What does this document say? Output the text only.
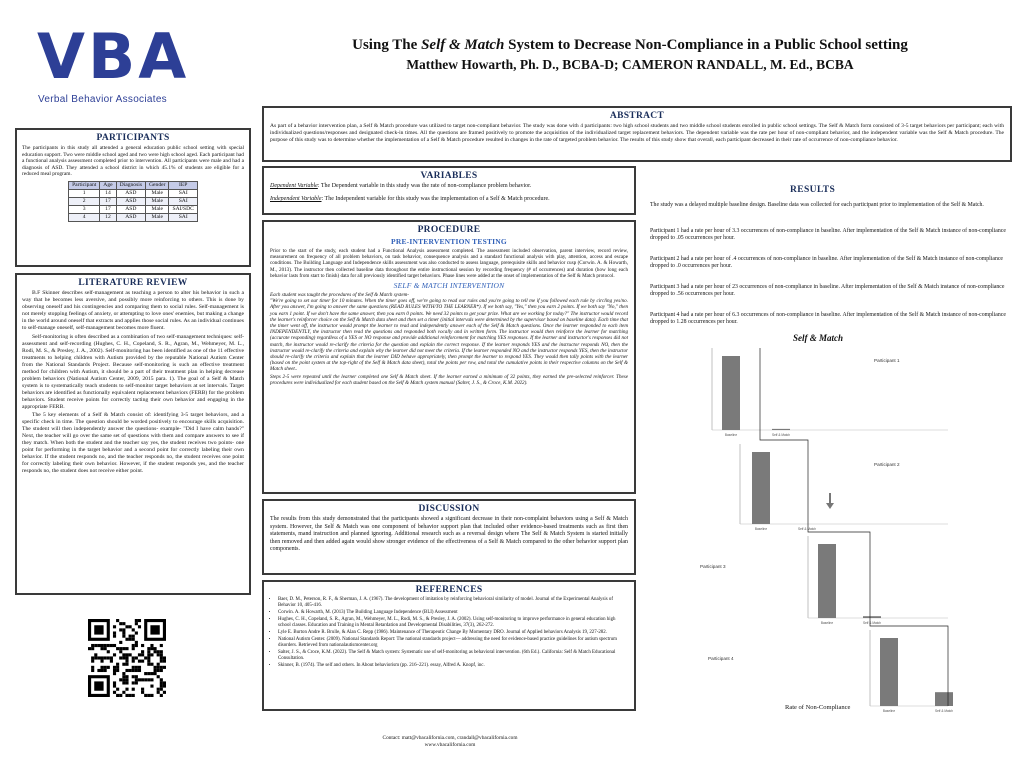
VBA
Verbal Behavior Associates
Using The Self & Match System to Decrease Non-Compliance in a Public School setting
Matthew Howarth, Ph. D., BCBA-D; CAMERON RANDALL, M. Ed., BCBA
PARTICIPANTS
The participants in this study all attended a general education public school setting with special education support. Two were middle school aged and two were high school aged. Each participant had a functional analysis assessment completed prior to intervention. All participants were male and had a diagnosis of ASD. They attended a school district in which 45.1% of students are eligible for a reduced meal program.
Participant	Age	Diagnosis	Gender	IEP
1	14	ASD	Male	SAI
2	17	ASD	Male	SAI
3	17	ASD	Male	SAI/SDC
4	12	ASD	Male	SAI
LITERATURE REVIEW

B.F Skinner describes self-management as teaching a person to alter his behavior in such a way that he becomes less aversive, and possibly more reinforcing to others. This is done by observing oneself and his contingencies and comparing them to social rules. Self-management is not merely stopping feelings of anxiety, or attempting to love ones' enemies, but making a change in the world around oneself that extracts and applies those social rules. As an individual continues to self-manage oneself, self-management becomes more fluent.

Self-monitoring is often described as a combination of two self-management techniques: self-assessment and self-recording (Hughes, C. H., Copeland, S. R., Agran, M., Wehmeyer, M. L., Rodi, M. S., & Presley, J. A., 2002). Self-monitoring has been identified as one of the 11 effective treatments to helping children with Autism provided by the reputable National Autism Center from the National Standards Project. Because self-monitoring is such an effective treatment method for children with Autism, it should be a part of their treatment plan in helping decrease problem behaviors (National Autism Center, 2009, 2015 para. 1). The goal of a Self & Match system is to systematically teach students to self-monitor target behaviors at set intervals. Target behaviors are identified as functionally equivalent replacement behaviors (FERB) for the problem behaviors. Student receive points for correctly tacting their own behavior and engaging in the appropriate FERB.

The 5 key elements of a Self & Match consist of: identifying 3-5 target behaviors, and a specific check in time. The question should be worded positively to encourage skills acquisition. The student will then independently answer the questions- example- "Did I have calm hands?" Next, the teacher will go over the same set of questions with them and compare answers to see if they match. When both the student and the teacher say yes, the student receives two points- one point for performing in the target behavior and a second point for correctly labeling their own behavior. If the student responds no, and the teacher responds no, the student receives one point for correctly labeling their own behavior. However, if the student responds yes, and the teacher responds no, the student does not receive either point.

ABSTRACT
As part of a behavior intervention plan, a Self & Match procedure was utilized to target non-compliant behavior. The study was done with 4 participants: two high school students and two middle school students enrolled in public school settings. The Self & Match form consisted of 3-5 target behaviors per participant; each with individualized questions/responses and designated check-in times. All the questions are framed positively to promote the acquisition of the individualized target replacement behaviors. The dependent variable was the rate per hour of non-compliant behavior, and the independent variable was the Self & Match procedure. The purpose of this study was to determine whether the implementation of a Self & Match procedure resulted in changes in the rate of targeted problem behavior. The results of this study show that overall, each participant decreased in their rate of occurrence of non-compliance behavior.
VARIABLES
Dependent Variable: The Dependent variable in this study was the rate of non-compliance problem behavior.
Independent Variable: The Independent variable for this study was the implementation of a Self & Match procedure.
PROCEDURE
PRE-INTERVENTION TESTING
Prior to the start of the study, each student had a Functional Analysis assessment completed. The assessment included observation, parent interview, record review, measurement on frequency of all problem behaviors, on task behavior, consequence analysis and a standard functional analysis with play, attention, access and escape conditions. The Building Language and Independence skills assessment was also conducted to assess language, prerequisite skills and behavior cusp (Corwin. A. & Howarth, M., 2013). The instructor then collected baseline data throughout the entire instructional session by recording frequency (# of occurrences) and duration (how long each behavior lasts from start to finish) data for all previously identified target behaviors. Phase lines were added at the onset of implementation of the Self & Match protocol.
SELF & MATCH INTERVENTION
Each student was taught the procedures of the Self & Match system-
"We're going to set our timer for 10 minutes. When the timer goes off, we're going to read our rules and you're going to tell me if you followed each rule by circling yes/no. After you answer, I'm going to answer the same questions (READ RULES WITH/TO THE LEARNER*). If we both say, "Yes," then you earn 2 points. If we both say "No," then you earn 1 point. If we don't have the same answer, then you earn 0 points. We need 32 points to get your prize. What are we working for today?" The instructor would record the learner's reinforcer choice on the Self & Match data sheet and then set a timer (initial intervals were determined by the supervisor based on baseline data). Each time that the timer went off, the instructor would prompt the learner to read and independently answer each of the Self & Match questions. Once the learner responded to each item INDEPENDENTLY, the instructor then read the questions and responded both vocally and in written form. The instructor would then reinforce the learner for matching (accurate responding) regardless of a YES or NO response and provide additional reinforcement for matching YES responses. If the learner and instructor's responses did not match, the instructor would re-clarify the criteria for the question and explain the correct response. If the learner responds YES and the instructor responds NO, then the instructor would re-clarify the criteria and explain why the learner did not meet the criteria. If the learner responded NO and the instructor responds YES, then the instructor should re-clarify the criteria and explain that the learner DID behave appropriately, then prompt the learner to respond YES. They would then tally points with the learner (based on the point system at the top-right of the Self & Match data sheet), total the points per row, and total the cumulative points in their respective columns on the Self & Match sheet..
Steps 2-5 were repeated until the learner completed one Self & Match sheet. If the learner earned a minimum of 32 points, they earned the pre-selected reinforcer. These procedures were individualized for each student based on the Self & Match system manual (Salter, J. S., & Croce, K.M. 2022).
DISCUSSION
The results from this study demonstrated that the participants showed a significant decrease in their non-complaint behaviors using a Self & Match system. However, the Self & Match was one component of behavior support plan that included other evidence-based treatments such as first then statements, mand instruction and planned ignoring. Additional research such as a reversal design where The Self & Match System is started initially then removed and then added again would show stronger evidence of the effectiveness of a Self & Match compared to the other behavior support plan components.
REFERENCES
• Baer, D. M., Peterson, R. F., & Sherman, J. A. (1967). The development of imitation by reinforcing behavioral similarity of model. Journal of the Experimental Analysis of Behavior 10, 405-416.
• Corwin. A. & Howarth, M. (2013) The Building Language Independence (BLI) Assessment
• Hughes, C. H., Copeland, S. R., Agran, M., Wehmeyer, M. L., Rodi, M. S., & Presley, J. A. (2002). Using self-monitoring to improve performance in general education high school classes. Education and Training in Mental Retardation and Developmental Disabilities, 37(3), 262-272.
• Lyle E. Burton Andre R. Brulle, & Alan C. Repp (1986). Maintenance of Therapeutic Change By Momentary DRO. Journal of Applied behaviors Analysis 19, 227-282.
• National Autism Center. (2009). National Standards Report: The national standards project— addressing the need for evidence-based practice guidelines for autism spectrum disorders. Retrieved from nationalautismcenter.org
• Salter, J. S., & Croce, K.M. (2022). The Self & Match system: Systematic use of self-monitoring as behavioral intervention. (6th Ed.). California: Self & Match Educational Consultation.
• Skinner, B. (1974). The self and others. In About behaviorism (pp. 216–221). essay, Alfred A. Knopf, inc.
RESULTS
The study was a delayed multiple baseline design. Baseline data was collected for each participant prior to implementation of the Self & Match.
Participant 1 had a rate per hour of 3.3 occurrences of non-compliance in baseline. After implementation of the Self & Match instance of non-compliance dropped to .05 occurrences per hour.
Participant 2 had a rate per hour of .4 occurrences of non-compliance in baseline. After implementation of the Self & Match instance of non-compliance dropped to .0 occurrences per hour.
Participant 3 had a rate per hour of 23 occurrences of non-compliance in baseline. After implementation of the Self & Match instance of non-compliance dropped to .56 occurrences per hour.
Participant 4 had a rate per hour of 6.3 occurrences of non-compliance in baseline. After implementation of the Self & Match instance of non-compliance dropped to 1.28 occurrences per hour.
Self & Match
Baseline	Self & Match
Participant 1
Baseline	Self & Match
Participant 2
Baseline	Self & Match
Participant 3
Baseline	Self & Match
Participant 4
Rate of Non-Compliance
Contact: matt@vbacalifornia.com, crandall@vbacalifornia.com
www.vbacalifornia.com
